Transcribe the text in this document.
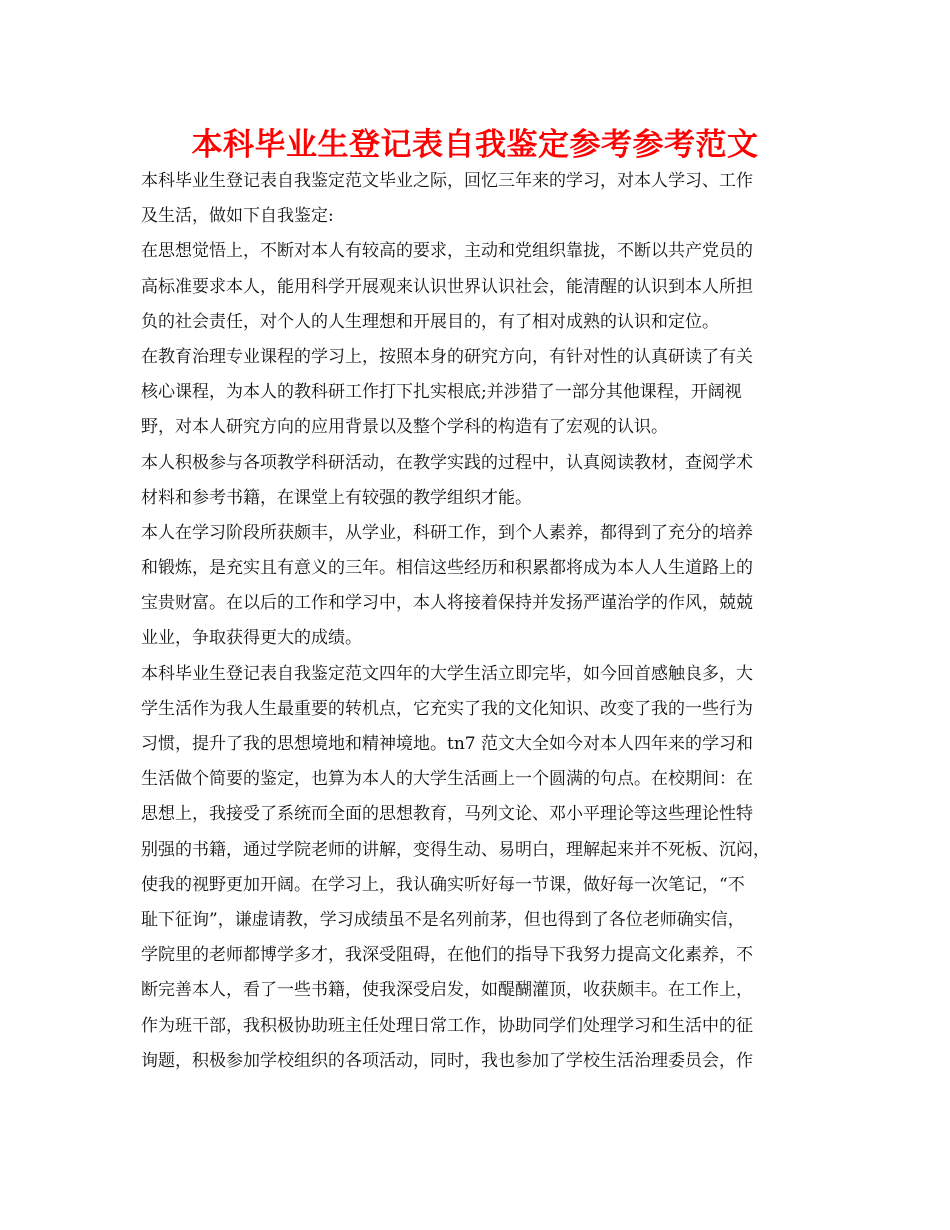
本科毕业生登记表自我鉴定参考参考范文
本科毕业生登记表自我鉴定范文毕业之际，回忆三年来的学习，对本人学习、工作
及生活，做如下自我鉴定:
在思想觉悟上，不断对本人有较高的要求，主动和党组织靠拢，不断以共产党员的
高标准要求本人，能用科学开展观来认识世界认识社会，能清醒的认识到本人所担
负的社会责任，对个人的人生理想和开展目的，有了相对成熟的认识和定位。
在教育治理专业课程的学习上，按照本身的研究方向，有针对性的认真研读了有关
核心课程，为本人的教科研工作打下扎实根底;并涉猎了一部分其他课程，开阔视
野，对本人研究方向的应用背景以及整个学科的构造有了宏观的认识。
本人积极参与各项教学科研活动，在教学实践的过程中，认真阅读教材，查阅学术
材料和参考书籍，在课堂上有较强的教学组织才能。
本人在学习阶段所获颇丰，从学业，科研工作，到个人素养，都得到了充分的培养
和锻炼，是充实且有意义的三年。相信这些经历和积累都将成为本人人生道路上的
宝贵财富。在以后的工作和学习中，本人将接着保持并发扬严谨治学的作风，兢兢
业业，争取获得更大的成绩。
本科毕业生登记表自我鉴定范文四年的大学生活立即完毕，如今回首感触良多，大
学生活作为我人生最重要的转机点，它充实了我的文化知识、改变了我的一些行为
习惯，提升了我的思想境地和精神境地。tn7 范文大全如今对本人四年来的学习和
生活做个简要的鉴定，也算为本人的大学生活画上一个圆满的句点。在校期间：在
思想上，我接受了系统而全面的思想教育，马列文论、邓小平理论等这些理论性特
别强的书籍，通过学院老师的讲解，变得生动、易明白，理解起来并不死板、沉闷，
使我的视野更加开阔。在学习上，我认确实听好每一节课，做好每一次笔记，“不
耻下征询”，谦虚请教，学习成绩虽不是名列前茅，但也得到了各位老师确实信，
学院里的老师都博学多才，我深受阻碍，在他们的指导下我努力提高文化素养，不
断完善本人，看了一些书籍，使我深受启发，如醍醐灌顶，收获颇丰。在工作上，
作为班干部，我积极协助班主任处理日常工作，协助同学们处理学习和生活中的征
询题，积极参加学校组织的各项活动，同时，我也参加了学校生活治理委员会，作
